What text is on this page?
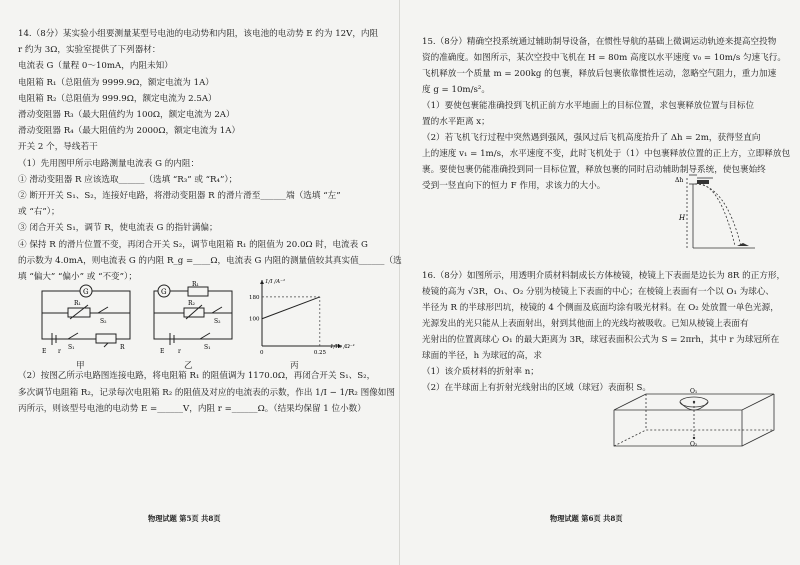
14.（8分）某实验小组要测量某型号电池的电动势和内阻，该电池的电动势 E 约为 12V，内阻
r 约为 3Ω，实验室提供了下列器材：
电流表 G（量程 0～10mA，内阻未知）
电阻箱 R₁（总阻值为 9999.9Ω，额定电流为 1A）
电阻箱 R₂（总阻值为 999.9Ω，额定电流为 2.5A）
滑动变阻器 R₃（最大阻值约为 100Ω，额定电流为 2A）
滑动变阻器 R₄（最大阻值约为 2000Ω，额定电流为 1A）
开关 2 个，导线若干
（1）先用图甲所示电路测量电流表 G 的内阻：
① 滑动变阻器 R 应该选取______（选填 “R₃” 或 “R₄”）；
② 断开开关 S₁、S₂，连接好电路，将滑动变阻器 R 的滑片滑至______端（选填 “左”
或 “右”）；
③ 闭合开关 S₁，调节 R，使电流表 G 的指针满偏；
④ 保持 R 的滑片位置不变，再闭合开关 S₂，调节电阻箱 R₁ 的阻值为 20.0Ω 时，电流表 G
的示数为 4.0mA，则电流表 G 的内阻 R_g =____Ω，电流表 G 内阻的测量值较其真实值______（选
填 “偏大” “偏小” 或 “不变”）；
G
R₁
S₂
S₁
E r
R
甲
G
R₁
R₂
S₂
S₁
E r
乙
100
180
0	0.25
1/I /A⁻¹
1/R₂ /Ω⁻¹
丙
（2）按图乙所示电路图连接电路，将电阻箱 R₁ 的阻值调为 1170.0Ω，再闭合开关 S₁、S₂，
多次调节电阻箱 R₂，记录每次电阻箱 R₂ 的阻值及对应的电流表的示数，作出 1/I − 1/R₂ 图像如图
丙所示，则该型号电池的电动势 E =______V，内阻 r =______Ω。（结果均保留 1 位小数）
物理试题 第5页 共8页
15.（8分）精确空投系统通过辅助制导设备，在惯性导航的基础上微调运动轨迹来提高空投物
资的准确度。如图所示，某次空投中飞机在 H = 80m 高度以水平速度 v₀ = 10m/s 匀速飞行。
飞机释放一个质量 m = 200kg 的包裹，释放后包裹依靠惯性运动，忽略空气阻力，重力加速
度 g = 10m/s²。
（1）要使包裹能准确投到飞机正前方水平地面上的目标位置，求包裹释放位置与目标位
置的水平距离 x；
（2）若飞机飞行过程中突然遇到强风，强风过后飞机高度抬升了 Δh = 2m，获得竖直向
上的速度 v₁ = 1m/s，水平速度不变，此时飞机处于（1）中包裹释放位置的正上方，立即释放包
裹。要使包裹仍能准确投到同一目标位置，释放包裹的同时启动辅助制导系统，使包裹始终
受到一竖直向下的恒力 F 作用，求该力的大小。
Δh
H
16.（8分）如图所示，用透明介质材料制成长方体棱镜，棱镜上下表面是边长为 8R 的正方形，
棱镜的高为 √3R，O₁、O₂ 分别为棱镜上下表面的中心；在棱镜上表面有一个以 O₁ 为球心、
半径为 R 的半球形凹坑，棱镜的 4 个侧面及底面均涂有吸光材料。在 O₂ 处放置一单色光源，
光源发出的光只能从上表面射出，射到其他面上的光线均被吸收。已知从棱镜上表面有
光射出的位置离球心 O₁ 的最大距离为 3R，球冠表面积公式为 S = 2πrh，其中 r 为球冠所在
球面的半径，h 为球冠的高，求
（1）该介质材料的折射率 n；
（2）在半球面上有折射光线射出的区域（球冠）表面积 S。	O₁
O₂
物理试题 第6页 共8页
